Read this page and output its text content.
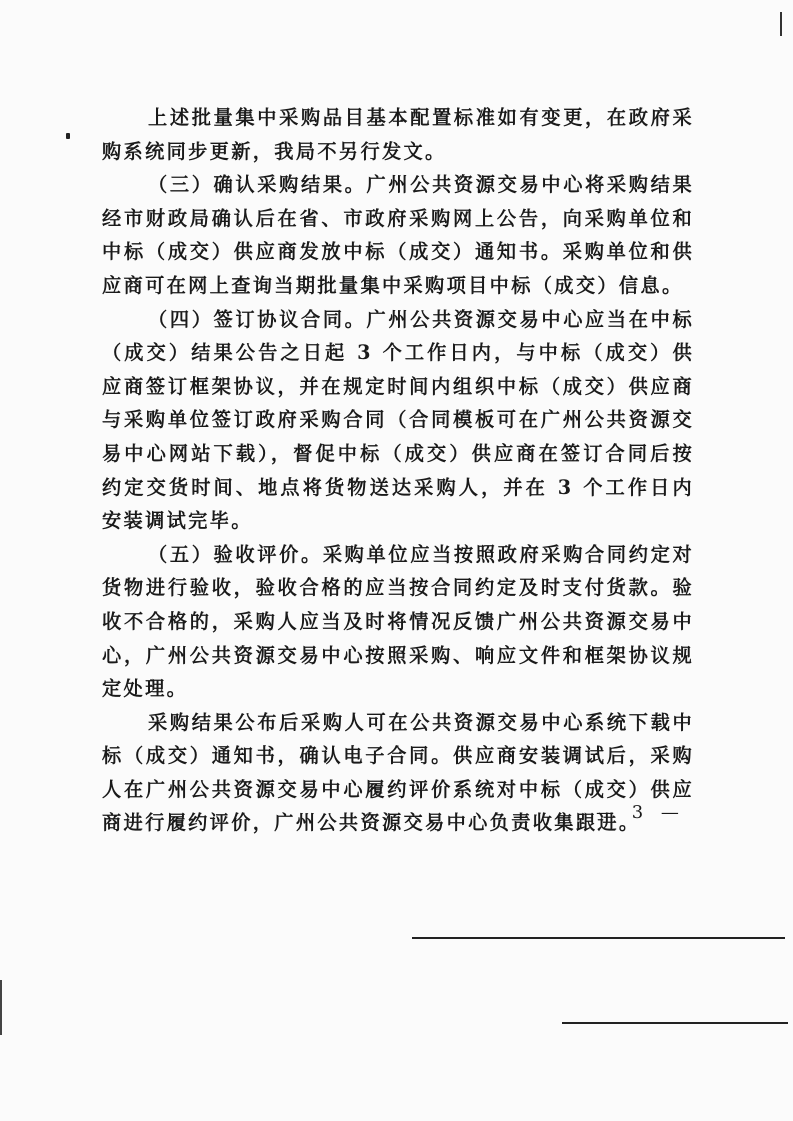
上述批量集中采购品目基本配置标准如有变更，在政府采购系统同步更新，我局不另行发文。

（三）确认采购结果。广州公共资源交易中心将采购结果经市财政局确认后在省、市政府采购网上公告，向采购单位和中标（成交）供应商发放中标（成交）通知书。采购单位和供应商可在网上查询当期批量集中采购项目中标（成交）信息。

（四）签订协议合同。广州公共资源交易中心应当在中标（成交）结果公告之日起 3 个工作日内，与中标（成交）供应商签订框架协议，并在规定时间内组织中标（成交）供应商与采购单位签订政府采购合同（合同模板可在广州公共资源交易中心网站下载），督促中标（成交）供应商在签订合同后按约定交货时间、地点将货物送达采购人，并在 3 个工作日内安装调试完毕。

（五）验收评价。采购单位应当按照政府采购合同约定对货物进行验收，验收合格的应当按合同约定及时支付货款。验收不合格的，采购人应当及时将情况反馈广州公共资源交易中心，广州公共资源交易中心按照采购、响应文件和框架协议规定处理。

采购结果公布后采购人可在公共资源交易中心系统下载中标（成交）通知书，确认电子合同。供应商安装调试后，采购人在广州公共资源交易中心履约评价系统对中标（成交）供应商进行履约评价，广州公共资源交易中心负责收集跟进。

— 3 —
